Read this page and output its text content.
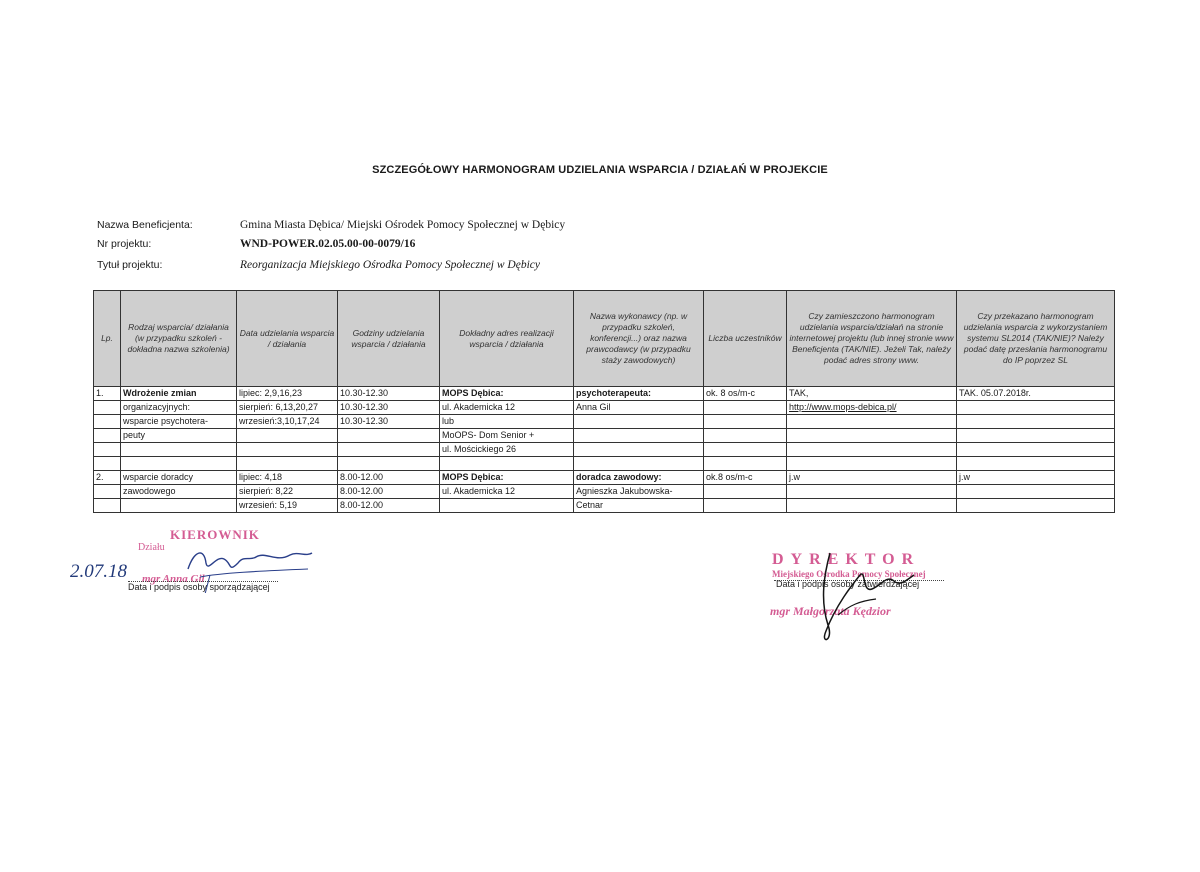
SZCZEGÓŁOWY HARMONOGRAM UDZIELANIA WSPARCIA / DZIAŁAŃ W PROJEKCIE
Nazwa Beneficjenta:	Gmina Miasta Dębica/ Miejski Ośrodek Pomocy Społecznej w Dębicy
Nr projektu:	WND-POWER.02.05.00-00-0079/16
Tytuł projektu:	Reorganizacja Miejskiego Ośrodka Pomocy Społecznej w Dębicy
Lp.	Rodzaj wsparcia/ działania (w przypadku szkoleń - dokładna nazwa szkolenia)	Data udzielania wsparcia / działania	Godziny udzielania wsparcia / działania	Dokładny adres realizacji wsparcia / działania	Nazwa wykonawcy (np. w przypadku szkoleń, konferencji...) oraz nazwa prawcodawcy (w przypadku staży zawodowych)	Liczba uczestników	Czy zamieszczono harmonogram udzielania wsparcia/działań na stronie internetowej projektu (lub innej stronie www Beneficjenta (TAK/NIE). Jeżeli Tak, należy podać adres strony www.	Czy przekazano harmonogram udzielania wsparcia z wykorzystaniem systemu SL2014 (TAK/NIE)? Należy podać datę przesłania harmonogramu do IP poprzez SL
1.	Wdrożenie zmian	lipiec: 2,9,16,23	10.30-12.30	MOPS Dębica:	psychoterapeuta:	ok. 8 os/m-c	TAK,	TAK. 05.07.2018r.
	organizacyjnych:	sierpień: 6,13,20,27	10.30-12.30	ul. Akademicka 12	Anna Gil		http://www.mops-debica.pl/	
	wsparcie psychotera-	wrzesień:3,10,17,24	10.30-12.30	lub				
	peuty			MoOPS- Dom Senior +				
				ul. Mościckiego 26				

2.	wsparcie doradcy	lipiec: 4,18	8.00-12.00	MOPS Dębica:	doradca zawodowy:	ok.8 os/m-c	j.w	j.w
	zawodowego	sierpień: 8,22	8.00-12.00	ul. Akademicka 12	Agnieszka Jakubowska-			
		wrzesień: 5,19	8.00-12.00		Cetnar			
KIEROWNIK
Działu
mgr Anna Gil
2.07.18
Data i podpis osoby sporządzającej
DYREKTOR
Miejskiego Ośrodka Pomocy Społecznej
Data i podpis osoby zatwierdzającej
mgr Małgorzata Kędzior
